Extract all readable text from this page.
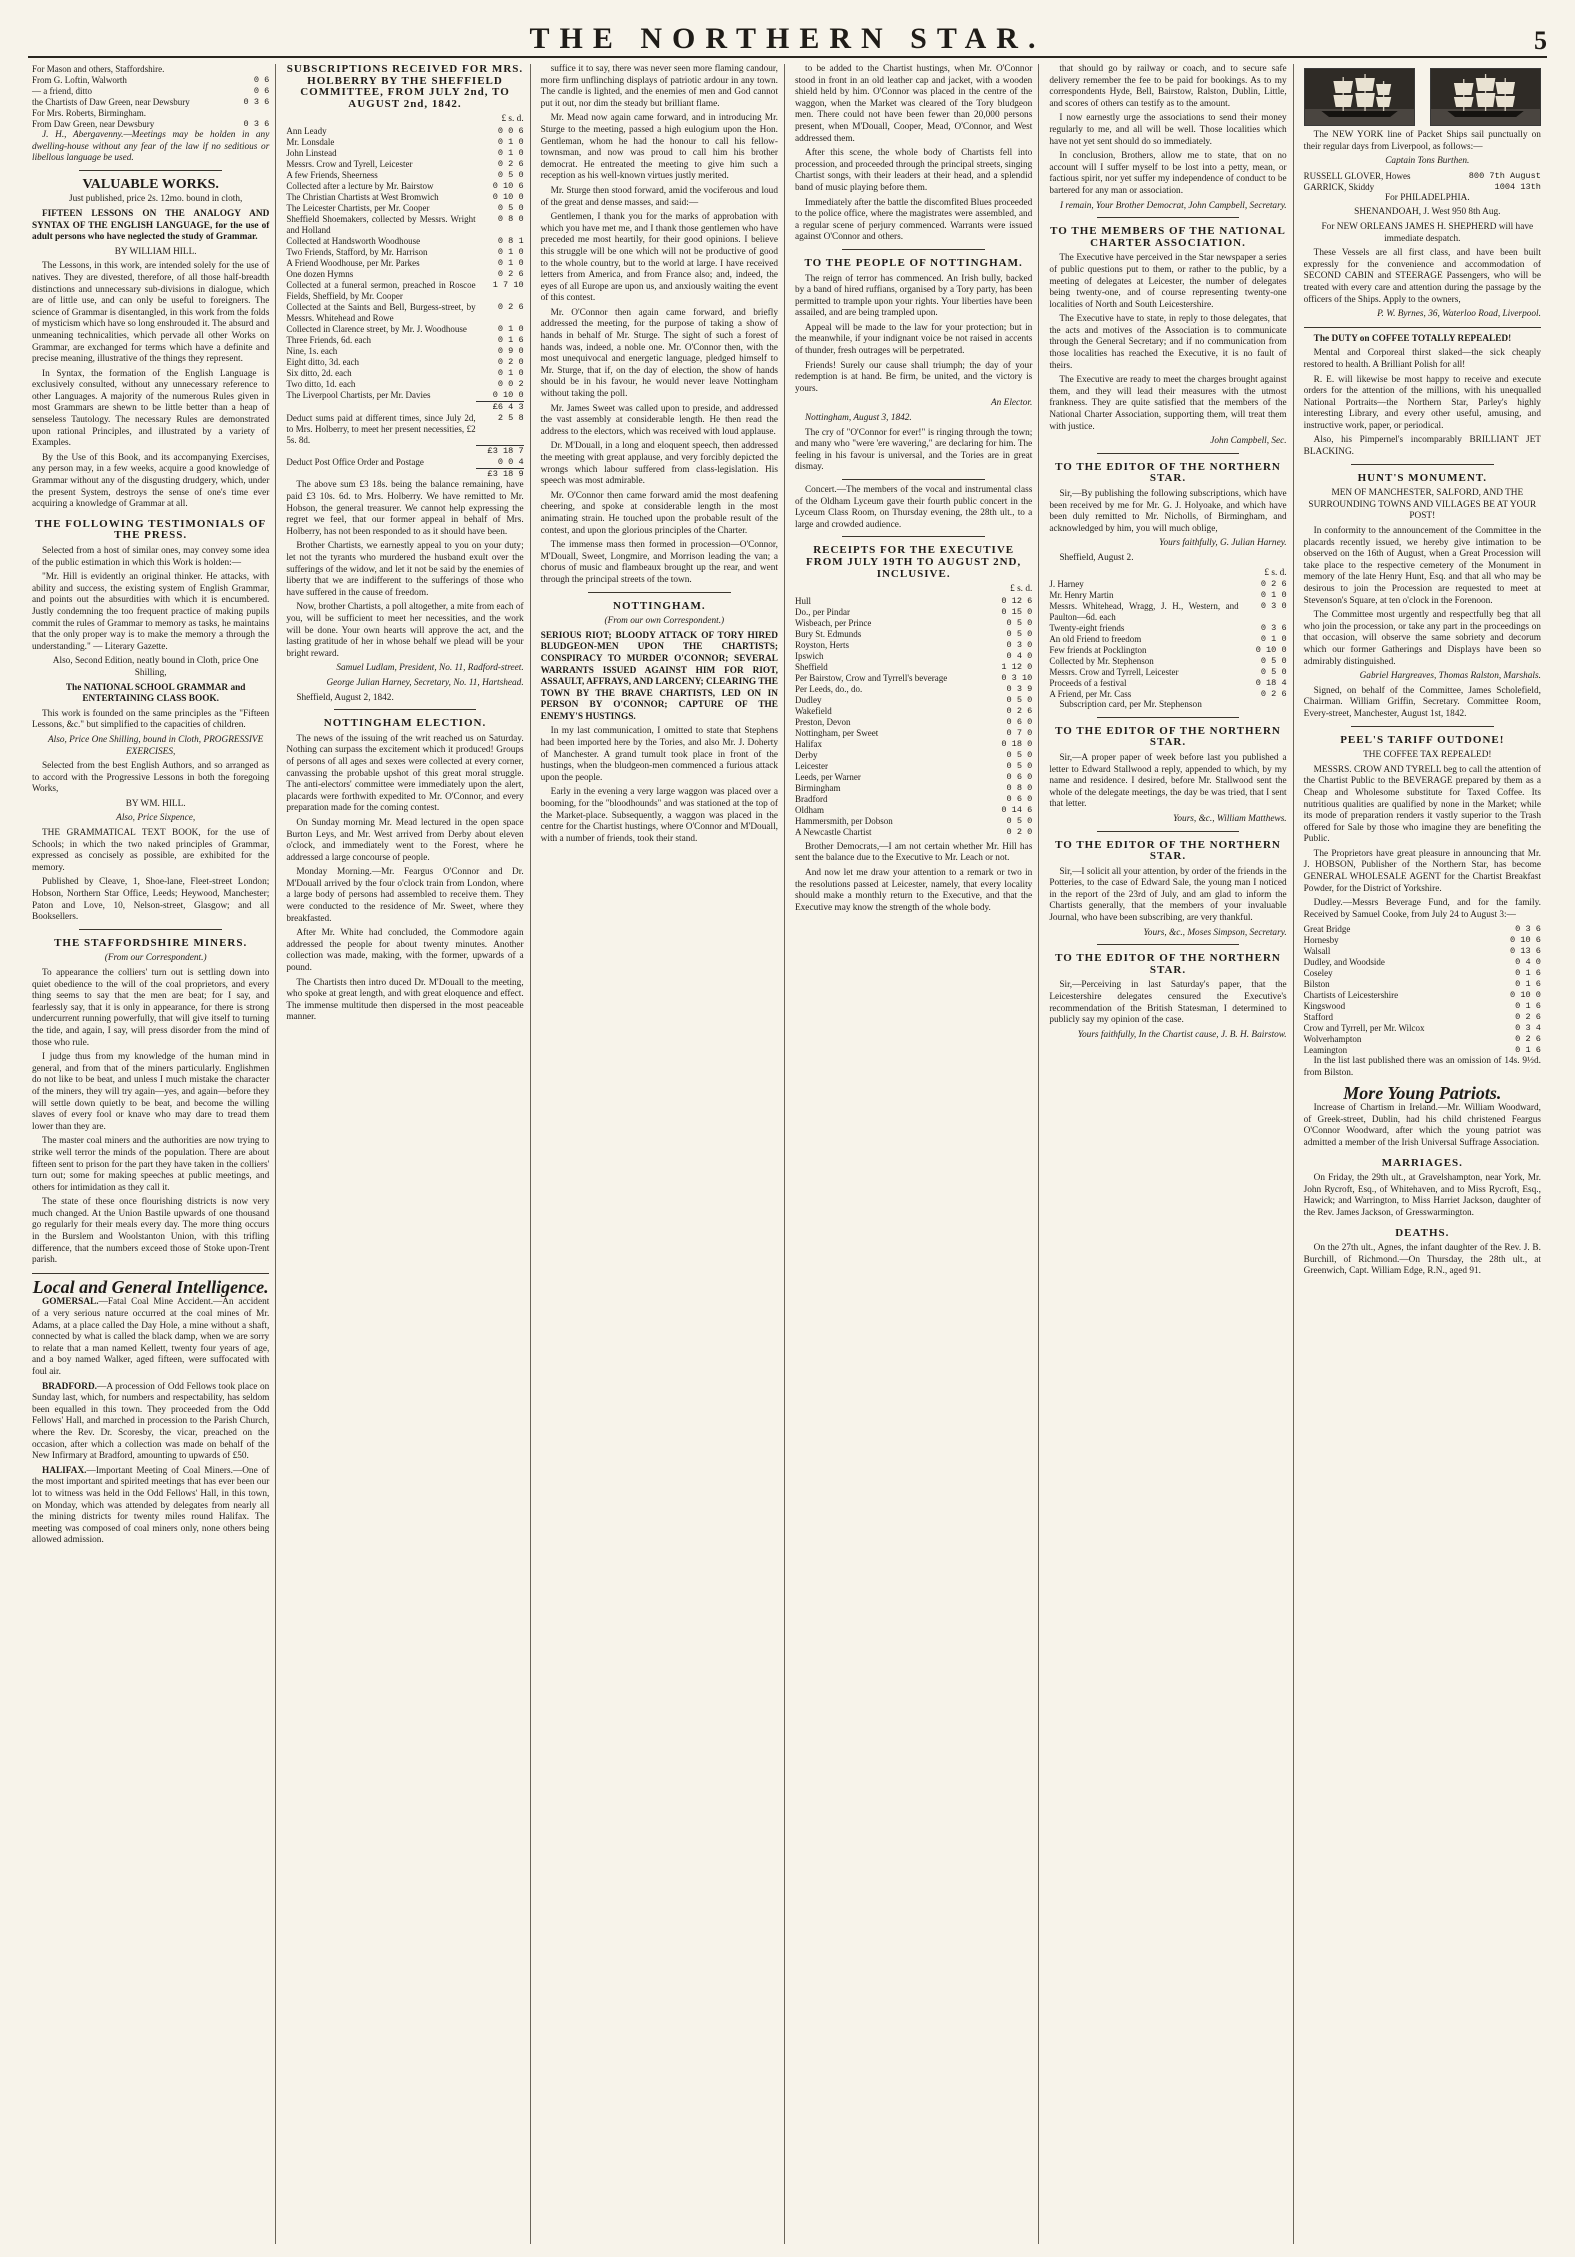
THE NORTHERN STAR.	5
For Mason and others, Staffordshire.	
From G. Loftin, Walworth	0 6
— a friend, ditto	0 6
the Chartists of Daw Green, near Dewsbury	0 3 6
For Mrs. Roberts, Birmingham.	
From Daw Green, near Dewsbury	0 3 6

J. H., Abergavenny.—Meetings may be holden in any dwelling-house without any fear of the law if no seditious or libellous language be used.

VALUABLE WORKS.

Just published, price 2s. 12mo. bound in cloth,

FIFTEEN LESSONS ON THE ANALOGY AND SYNTAX OF THE ENGLISH LANGUAGE, for the use of adult persons who have neglected the study of Grammar.

BY WILLIAM HILL.

The Lessons, in this work, are intended solely for the use of natives. They are divested, therefore, of all those half-breadth distinctions and unnecessary sub-divisions in dialogue, which are of little use, and can only be useful to foreigners. The science of Grammar is disentangled, in this work from the folds of mysticism which have so long enshrouded it. The absurd and unmeaning technicalities, which pervade all other Works on Grammar, are exchanged for terms which have a definite and precise meaning, illustrative of the things they represent.

In Syntax, the formation of the English Language is exclusively consulted, without any unnecessary reference to other Languages. A majority of the numerous Rules given in most Grammars are shewn to be little better than a heap of senseless Tautology. The necessary Rules are demonstrated upon rational Principles, and illustrated by a variety of Examples.

By the Use of this Book, and its accompanying Exercises, any person may, in a few weeks, acquire a good knowledge of Grammar without any of the disgusting drudgery, which, under the present System, destroys the sense of one's time ever acquiring a knowledge of Grammar at all.

THE FOLLOWING TESTIMONIALS OF THE PRESS.

Selected from a host of similar ones, may convey some idea of the public estimation in which this Work is holden:—

"Mr. Hill is evidently an original thinker. He attacks, with ability and success, the existing system of English Grammar, and points out the absurdities with which it is encumbered. Justly condemning the too frequent practice of making pupils commit the rules of Grammar to memory as tasks, he maintains that the only proper way is to make the memory a through the understanding." — Literary Gazette.

Also, Second Edition, neatly bound in Cloth, price One Shilling,

The NATIONAL SCHOOL GRAMMAR and ENTERTAINING CLASS BOOK.

This work is founded on the same principles as the "Fifteen Lessons, &c." but simplified to the capacities of children.

Also, Price One Shilling, bound in Cloth, PROGRESSIVE EXERCISES,

Selected from the best English Authors, and so arranged as to accord with the Progressive Lessons in both the foregoing Works,

BY WM. HILL.

Also, Price Sixpence,

THE GRAMMATICAL TEXT BOOK, for the use of Schools; in which the two naked principles of Grammar, expressed as concisely as possible, are exhibited for the memory.

Published by Cleave, 1, Shoe-lane, Fleet-street London; Hobson, Northern Star Office, Leeds; Heywood, Manchester; Paton and Love, 10, Nelson-street, Glasgow; and all Booksellers.

THE STAFFORDSHIRE MINERS.

(From our Correspondent.)

To appearance the colliers' turn out is settling down into quiet obedience to the will of the coal proprietors, and every thing seems to say that the men are beat; for I say, and fearlessly say, that it is only in appearance, for there is strong undercurrent running powerfully, that will give itself to turning the tide, and again, I say, will press disorder from the mind of those who rule.

I judge thus from my knowledge of the human mind in general, and from that of the miners particularly. Englishmen do not like to be beat, and unless I much mistake the character of the miners, they will try again—yes, and again—before they will settle down quietly to be beat, and become the willing slaves of every fool or knave who may dare to tread them lower than they are.

The master coal miners and the authorities are now trying to strike well terror the minds of the population. There are about fifteen sent to prison for the part they have taken in the colliers' turn out; some for making speeches at public meetings, and others for intimidation as they call it.

The state of these once flourishing districts is now very much changed. At the Union Bastile upwards of one thousand go regularly for their meals every day. The more thing occurs in the Burslem and Woolstanton Union, with this trifling difference, that the numbers exceed those of Stoke upon-Trent parish.

Local and General Intelligence.

GOMERSAL.—Fatal Coal Mine Accident.—An accident of a very serious nature occurred at the coal mines of Mr. Adams, at a place called the Day Hole, a mine without a shaft, connected by what is called the black damp, when we are sorry to relate that a man named Kellett, twenty four years of age, and a boy named Walker, aged fifteen, were suffocated with foul air.

BRADFORD.—A procession of Odd Fellows took place on Sunday last, which, for numbers and respectability, has seldom been equalled in this town. They proceeded from the Odd Fellows' Hall, and marched in procession to the Parish Church, where the Rev. Dr. Scoresby, the vicar, preached on the occasion, after which a collection was made on behalf of the New Infirmary at Bradford, amounting to upwards of £50.

HALIFAX.—Important Meeting of Coal Miners.—One of the most important and spirited meetings that has ever been our lot to witness was held in the Odd Fellows' Hall, in this town, on Monday, which was attended by delegates from nearly all the mining districts for twenty miles round Halifax. The meeting was composed of coal miners only, none others being allowed admission.

SUBSCRIPTIONS RECEIVED FOR MRS. HOLBERRY BY THE SHEFFIELD COMMITTEE, FROM JULY 2nd, TO AUGUST 2nd, 1842.
£ s. d.
Ann Leady	0 0 6
Mr. Lonsdale	0 1 0
John Linstead	0 1 0
Messrs. Crow and Tyrell, Leicester	0 2 6
A few Friends, Sheerness	0 5 0
Collected after a lecture by Mr. Bairstow	0 10 6
The Christian Chartists at West Bromwich	0 10 0
The Leicester Chartists, per Mr. Cooper	0 5 0
Sheffield Shoemakers, collected by Messrs. Wright and Holland	0 8 0
Collected at Handsworth Woodhouse	0 8 1
Two Friends, Stafford, by Mr. Harrison	0 1 0
A Friend Woodhouse, per Mr. Parkes	0 1 0
One dozen Hymns	0 2 6
Collected at a funeral sermon, preached in Roscoe Fields, Sheffield, by Mr. Cooper	1 7 10
Collected at the Saints and Bell, Burgess-street, by Messrs. Whitehead and Rowe	0 2 6
Collected in Clarence street, by Mr. J. Woodhouse	0 1 0
Three Friends, 6d. each	0 1 6
Nine, 1s. each	0 9 0
Eight ditto, 3d. each	0 2 0
Six ditto, 2d. each	0 1 0
Two ditto, 1d. each	0 0 2
The Liverpool Chartists, per Mr. Davies	0 10 0
	£6 4 3
Deduct sums paid at different times, since July 2d, to Mrs. Holberry, to meet her present necessities, £2 5s. 8d.	2 5 8
	£3 18 7
Deduct Post Office Order and Postage	0 0 4
	£3 18 9

The above sum £3 18s. being the balance remaining, have paid £3 10s. 6d. to Mrs. Holberry. We have remitted to Mr. Hobson, the general treasurer. We cannot help expressing the regret we feel, that our former appeal in behalf of Mrs. Holberry, has not been responded to as it should have been.

Brother Chartists, we earnestly appeal to you on your duty; let not the tyrants who murdered the husband exult over the sufferings of the widow, and let it not be said by the enemies of liberty that we are indifferent to the sufferings of those who have suffered in the cause of freedom.

Now, brother Chartists, a poll altogether, a mite from each of you, will be sufficient to meet her necessities, and the work will be done. Your own hearts will approve the act, and the lasting gratitude of her in whose behalf we plead will be your bright reward.

Samuel Ludlam, President, No. 11, Radford-street.

George Julian Harney, Secretary, No. 11, Hartshead.

Sheffield, August 2, 1842.

NOTTINGHAM ELECTION.

The news of the issuing of the writ reached us on Saturday. Nothing can surpass the excitement which it produced! Groups of persons of all ages and sexes were collected at every corner, canvassing the probable upshot of this great moral struggle. The anti-electors' committee were immediately upon the alert, placards were forthwith expedited to Mr. O'Connor, and every preparation made for the coming contest.

On Sunday morning Mr. Mead lectured in the open space Burton Leys, and Mr. West arrived from Derby about eleven o'clock, and immediately went to the Forest, where he addressed a large concourse of people.

Monday Morning.—Mr. Feargus O'Connor and Dr. M'Douall arrived by the four o'clock train from London, where a large body of persons had assembled to receive them. They were conducted to the residence of Mr. Sweet, where they breakfasted.

After Mr. White had concluded, the Commodore again addressed the people for about twenty minutes. Another collection was made, making, with the former, upwards of a pound.

The Chartists then intro duced Dr. M'Douall to the meeting, who spoke at great length, and with great eloquence and effect. The immense multitude then dispersed in the most peaceable manner.

suffice it to say, there was never seen more flaming candour, more firm unflinching displays of patriotic ardour in any town. The candle is lighted, and the enemies of men and God cannot put it out, nor dim the steady but brilliant flame.

Mr. Mead now again came forward, and in introducing Mr. Sturge to the meeting, passed a high eulogium upon the Hon. Gentleman, whom he had the honour to call his fellow-townsman, and now was proud to call him his brother democrat. He entreated the meeting to give him such a reception as his well-known virtues justly merited.

Mr. Sturge then stood forward, amid the vociferous and loud of the great and dense masses, and said:—

Gentlemen, I thank you for the marks of approbation with which you have met me, and I thank those gentlemen who have preceded me most heartily, for their good opinions. I believe this struggle will be one which will not be productive of good to the whole country, but to the world at large. I have received letters from America, and from France also; and, indeed, the eyes of all Europe are upon us, and anxiously waiting the event of this contest.

Mr. O'Connor then again came forward, and briefly addressed the meeting, for the purpose of taking a show of hands in behalf of Mr. Sturge. The sight of such a forest of hands was, indeed, a noble one. Mr. O'Connor then, with the most unequivocal and energetic language, pledged himself to Mr. Sturge, that if, on the day of election, the show of hands should be in his favour, he would never leave Nottingham without taking the poll.

Mr. James Sweet was called upon to preside, and addressed the vast assembly at considerable length. He then read the address to the electors, which was received with loud applause.

Dr. M'Douall, in a long and eloquent speech, then addressed the meeting with great applause, and very forcibly depicted the wrongs which labour suffered from class-legislation. His speech was most admirable.

Mr. O'Connor then came forward amid the most deafening cheering, and spoke at considerable length in the most animating strain. He touched upon the probable result of the contest, and upon the glorious principles of the Charter.

The immense mass then formed in procession—O'Connor, M'Douall, Sweet, Longmire, and Morrison leading the van; a chorus of music and flambeaux brought up the rear, and went through the principal streets of the town.

NOTTINGHAM.

(From our own Correspondent.)

SERIOUS RIOT; BLOODY ATTACK OF TORY HIRED BLUDGEON-MEN UPON THE CHARTISTS; CONSPIRACY TO MURDER O'CONNOR; SEVERAL WARRANTS ISSUED AGAINST HIM FOR RIOT, ASSAULT, AFFRAYS, AND LARCENY; CLEARING THE TOWN BY THE BRAVE CHARTISTS, LED ON IN PERSON BY O'CONNOR; CAPTURE OF THE ENEMY'S HUSTINGS.

In my last communication, I omitted to state that Stephens had been imported here by the Tories, and also Mr. J. Doherty of Manchester. A grand tumult took place in front of the hustings, when the bludgeon-men commenced a furious attack upon the people.

Early in the evening a very large waggon was placed over a booming, for the "bloodhounds" and was stationed at the top of the Market-place. Subsequently, a waggon was placed in the centre for the Chartist hustings, where O'Connor and M'Douall, with a number of friends, took their stand.

to be added to the Chartist hustings, when Mr. O'Connor stood in front in an old leather cap and jacket, with a wooden shield held by him. O'Connor was placed in the centre of the waggon, when the Market was cleared of the Tory bludgeon men. There could not have been fewer than 20,000 persons present, when M'Douall, Cooper, Mead, O'Connor, and West addressed them.

After this scene, the whole body of Chartists fell into procession, and proceeded through the principal streets, singing Chartist songs, with their leaders at their head, and a splendid band of music playing before them.

Immediately after the battle the discomfited Blues proceeded to the police office, where the magistrates were assembled, and a regular scene of perjury commenced. Warrants were issued against O'Connor and others.

TO THE PEOPLE OF NOTTINGHAM.

The reign of terror has commenced. An Irish bully, backed by a band of hired ruffians, organised by a Tory party, has been permitted to trample upon your rights. Your liberties have been assailed, and are being trampled upon.

Appeal will be made to the law for your protection; but in the meanwhile, if your indignant voice be not raised in accents of thunder, fresh outrages will be perpetrated.

Friends! Surely our cause shall triumph; the day of your redemption is at hand. Be firm, be united, and the victory is yours.

An Elector.

Nottingham, August 3, 1842.

The cry of "O'Connor for ever!" is ringing through the town; and many who "were 'ere wavering," are declaring for him. The feeling in his favour is universal, and the Tories are in great dismay.

Concert.—The members of the vocal and instrumental class of the Oldham Lyceum gave their fourth public concert in the Lyceum Class Room, on Thursday evening, the 28th ult., to a large and crowded audience.

RECEIPTS FOR THE EXECUTIVE FROM JULY 19TH TO AUGUST 2ND, INCLUSIVE.
£ s. d.
Hull	0 12 6
Do., per Pindar	0 15 0
Wisbeach, per Prince	0 5 0
Bury St. Edmunds	0 5 0
Royston, Herts	0 3 0
Ipswich	0 4 0
Sheffield	1 12 0
Per Bairstow, Crow and Tyrrell's beverage	0 3 10
Per Leeds, do., do.	0 3 9
Dudley	0 5 0
Wakefield	0 2 6
Preston, Devon	0 6 0
Nottingham, per Sweet	0 7 0
Halifax	0 18 0
Derby	0 5 0
Leicester	0 5 0
Leeds, per Warner	0 6 0
Birmingham	0 8 0
Bradford	0 6 0
Oldham	0 14 6
Hammersmith, per Dobson	0 5 0
A Newcastle Chartist	0 2 0

Brother Democrats,—I am not certain whether Mr. Hill has sent the balance due to the Executive to Mr. Leach or not.

And now let me draw your attention to a remark or two in the resolutions passed at Leicester, namely, that every locality should make a monthly return to the Executive, and that the Executive may know the strength of the whole body.

that should go by railway or coach, and to secure safe delivery remember the fee to be paid for bookings. As to my correspondents Hyde, Bell, Bairstow, Ralston, Dublin, Little, and scores of others can testify as to the amount.

I now earnestly urge the associations to send their money regularly to me, and all will be well. Those localities which have not yet sent should do so immediately.

In conclusion, Brothers, allow me to state, that on no account will I suffer myself to be lost into a petty, mean, or factious spirit, nor yet suffer my independence of conduct to be bartered for any man or association.

I remain, Your Brother Democrat, John Campbell, Secretary.

TO THE MEMBERS OF THE NATIONAL CHARTER ASSOCIATION.

The Executive have perceived in the Star newspaper a series of public questions put to them, or rather to the public, by a meeting of delegates at Leicester, the number of delegates being twenty-one, and of course representing twenty-one localities of North and South Leicestershire.

The Executive have to state, in reply to those delegates, that the acts and motives of the Association is to communicate through the General Secretary; and if no communication from those localities has reached the Executive, it is no fault of theirs.

The Executive are ready to meet the charges brought against them, and they will lead their measures with the utmost frankness. They are quite satisfied that the members of the National Charter Association, supporting them, will treat them with justice.

John Campbell, Sec.

TO THE EDITOR OF THE NORTHERN STAR.

Sir,—By publishing the following subscriptions, which have been received by me for Mr. G. J. Holyoake, and which have been duly remitted to Mr. Nicholls, of Birmingham, and acknowledged by him, you will much oblige,

Yours faithfully, G. Julian Harney.

Sheffield, August 2.

£ s. d.
J. Harney	0 2 6
Mr. Henry Martin	0 1 0
Messrs. Whitehead, Wragg, J. H., Western, and Paulton—6d. each	0 3 0
Twenty-eight friends	0 3 6
An old Friend to freedom	0 1 0
Few friends at Pocklington	0 10 0
Collected by Mr. Stephenson	0 5 0
Messrs. Crow and Tyrrell, Leicester	0 5 0
Proceeds of a festival	0 18 4
A Friend, per Mr. Cass	0 2 6

Subscription card, per Mr. Stephenson

TO THE EDITOR OF THE NORTHERN STAR.

Sir,—A proper paper of week before last you published a letter to Edward Stallwood a reply, appended to which, by my name and residence. I desired, before Mr. Stallwood sent the whole of the delegate meetings, the day be was tried, that I sent that letter.

Yours, &c., William Matthews.

TO THE EDITOR OF THE NORTHERN STAR.

Sir,—I solicit all your attention, by order of the friends in the Potteries, to the case of Edward Sale, the young man I noticed in the report of the 23rd of July, and am glad to inform the Chartists generally, that the members of your invaluable Journal, who have been subscribing, are very thankful.

Yours, &c., Moses Simpson, Secretary.

TO THE EDITOR OF THE NORTHERN STAR.

Sir,—Perceiving in last Saturday's paper, that the Leicestershire delegates censured the Executive's recommendation of the British Statesman, I determined to publicly say my opinion of the case.

Yours faithfully, In the Chartist cause, J. B. H. Bairstow.

The NEW YORK line of Packet Ships sail punctually on their regular days from Liverpool, as follows:—

Captain Tons Burthen.

RUSSELL GLOVER, Howes	800 7th August
GARRICK, Skiddy	1004 13th

For PHILADELPHIA.

SHENANDOAH, J. West 950 8th Aug.

For NEW ORLEANS JAMES H. SHEPHERD will have immediate despatch.

These Vessels are all first class, and have been built expressly for the convenience and accommodation of SECOND CABIN and STEERAGE Passengers, who will be treated with every care and attention during the passage by the officers of the Ships. Apply to the owners,

P. W. Byrnes, 36, Waterloo Road, Liverpool.

The DUTY on COFFEE TOTALLY REPEALED!

Mental and Corporeal thirst slaked—the sick cheaply restored to health. A Brilliant Polish for all!

R. E. will likewise be most happy to receive and execute orders for the attention of the millions, with his unequalled National Portraits—the Northern Star, Parley's highly interesting Library, and every other useful, amusing, and instructive work, paper, or periodical.

Also, his Pimpernel's incomparably BRILLIANT JET BLACKING.

HUNT'S MONUMENT.

MEN OF MANCHESTER, SALFORD, AND THE SURROUNDING TOWNS AND VILLAGES BE AT YOUR POST!

In conformity to the announcement of the Committee in the placards recently issued, we hereby give intimation to be observed on the 16th of August, when a Great Procession will take place to the respective cemetery of the Monument in memory of the late Henry Hunt, Esq. and that all who may be desirous to join the Procession are requested to meet at Stevenson's Square, at ten o'clock in the Forenoon.

The Committee most urgently and respectfully beg that all who join the procession, or take any part in the proceedings on that occasion, will observe the same sobriety and decorum which our former Gatherings and Displays have been so admirably distinguished.

Gabriel Hargreaves, Thomas Ralston, Marshals.

Signed, on behalf of the Committee, James Scholefield, Chairman. William Griffin, Secretary. Committee Room, Every-street, Manchester, August 1st, 1842.

PEEL'S TARIFF OUTDONE!

THE COFFEE TAX REPEALED!

MESSRS. CROW AND TYRELL beg to call the attention of the Chartist Public to the BEVERAGE prepared by them as a Cheap and Wholesome substitute for Taxed Coffee. Its nutritious qualities are qualified by none in the Market; while its mode of preparation renders it vastly superior to the Trash offered for Sale by those who imagine they are benefiting the Public.

The Proprietors have great pleasure in announcing that Mr. J. HOBSON, Publisher of the Northern Star, has become GENERAL WHOLESALE AGENT for the Chartist Breakfast Powder, for the District of Yorkshire.

Dudley.—Messrs Beverage Fund, and for the family. Received by Samuel Cooke, from July 24 to August 3:—

Great Bridge	0 3 6
Hornesby	0 10 6
Walsall	0 13 6
Dudley, and Woodside	0 4 0
Coseley	0 1 6
Bilston	0 1 6
Chartists of Leicestershire	0 10 0
Kingswood	0 1 6
Stafford	0 2 6
Crow and Tyrrell, per Mr. Wilcox	0 3 4
Wolverhampton	0 2 6
Leamington	0 1 6

In the list last published there was an omission of 14s. 9½d. from Bilston.

More Young Patriots.

Increase of Chartism in Ireland.—Mr. William Woodward, of Greek-street, Dublin, had his child christened Feargus O'Connor Woodward, after which the young patriot was admitted a member of the Irish Universal Suffrage Association.

MARRIAGES.

On Friday, the 29th ult., at Gravelshampton, near York, Mr. John Rycroft, Esq., of Whitehaven, and to Miss Rycroft, Esq., Hawick; and Warrington, to Miss Harriet Jackson, daughter of the Rev. James Jackson, of Gresswarmington.

DEATHS.

On the 27th ult., Agnes, the infant daughter of the Rev. J. B. Burchill, of Richmond.—On Thursday, the 28th ult., at Greenwich, Capt. William Edge, R.N., aged 91.
